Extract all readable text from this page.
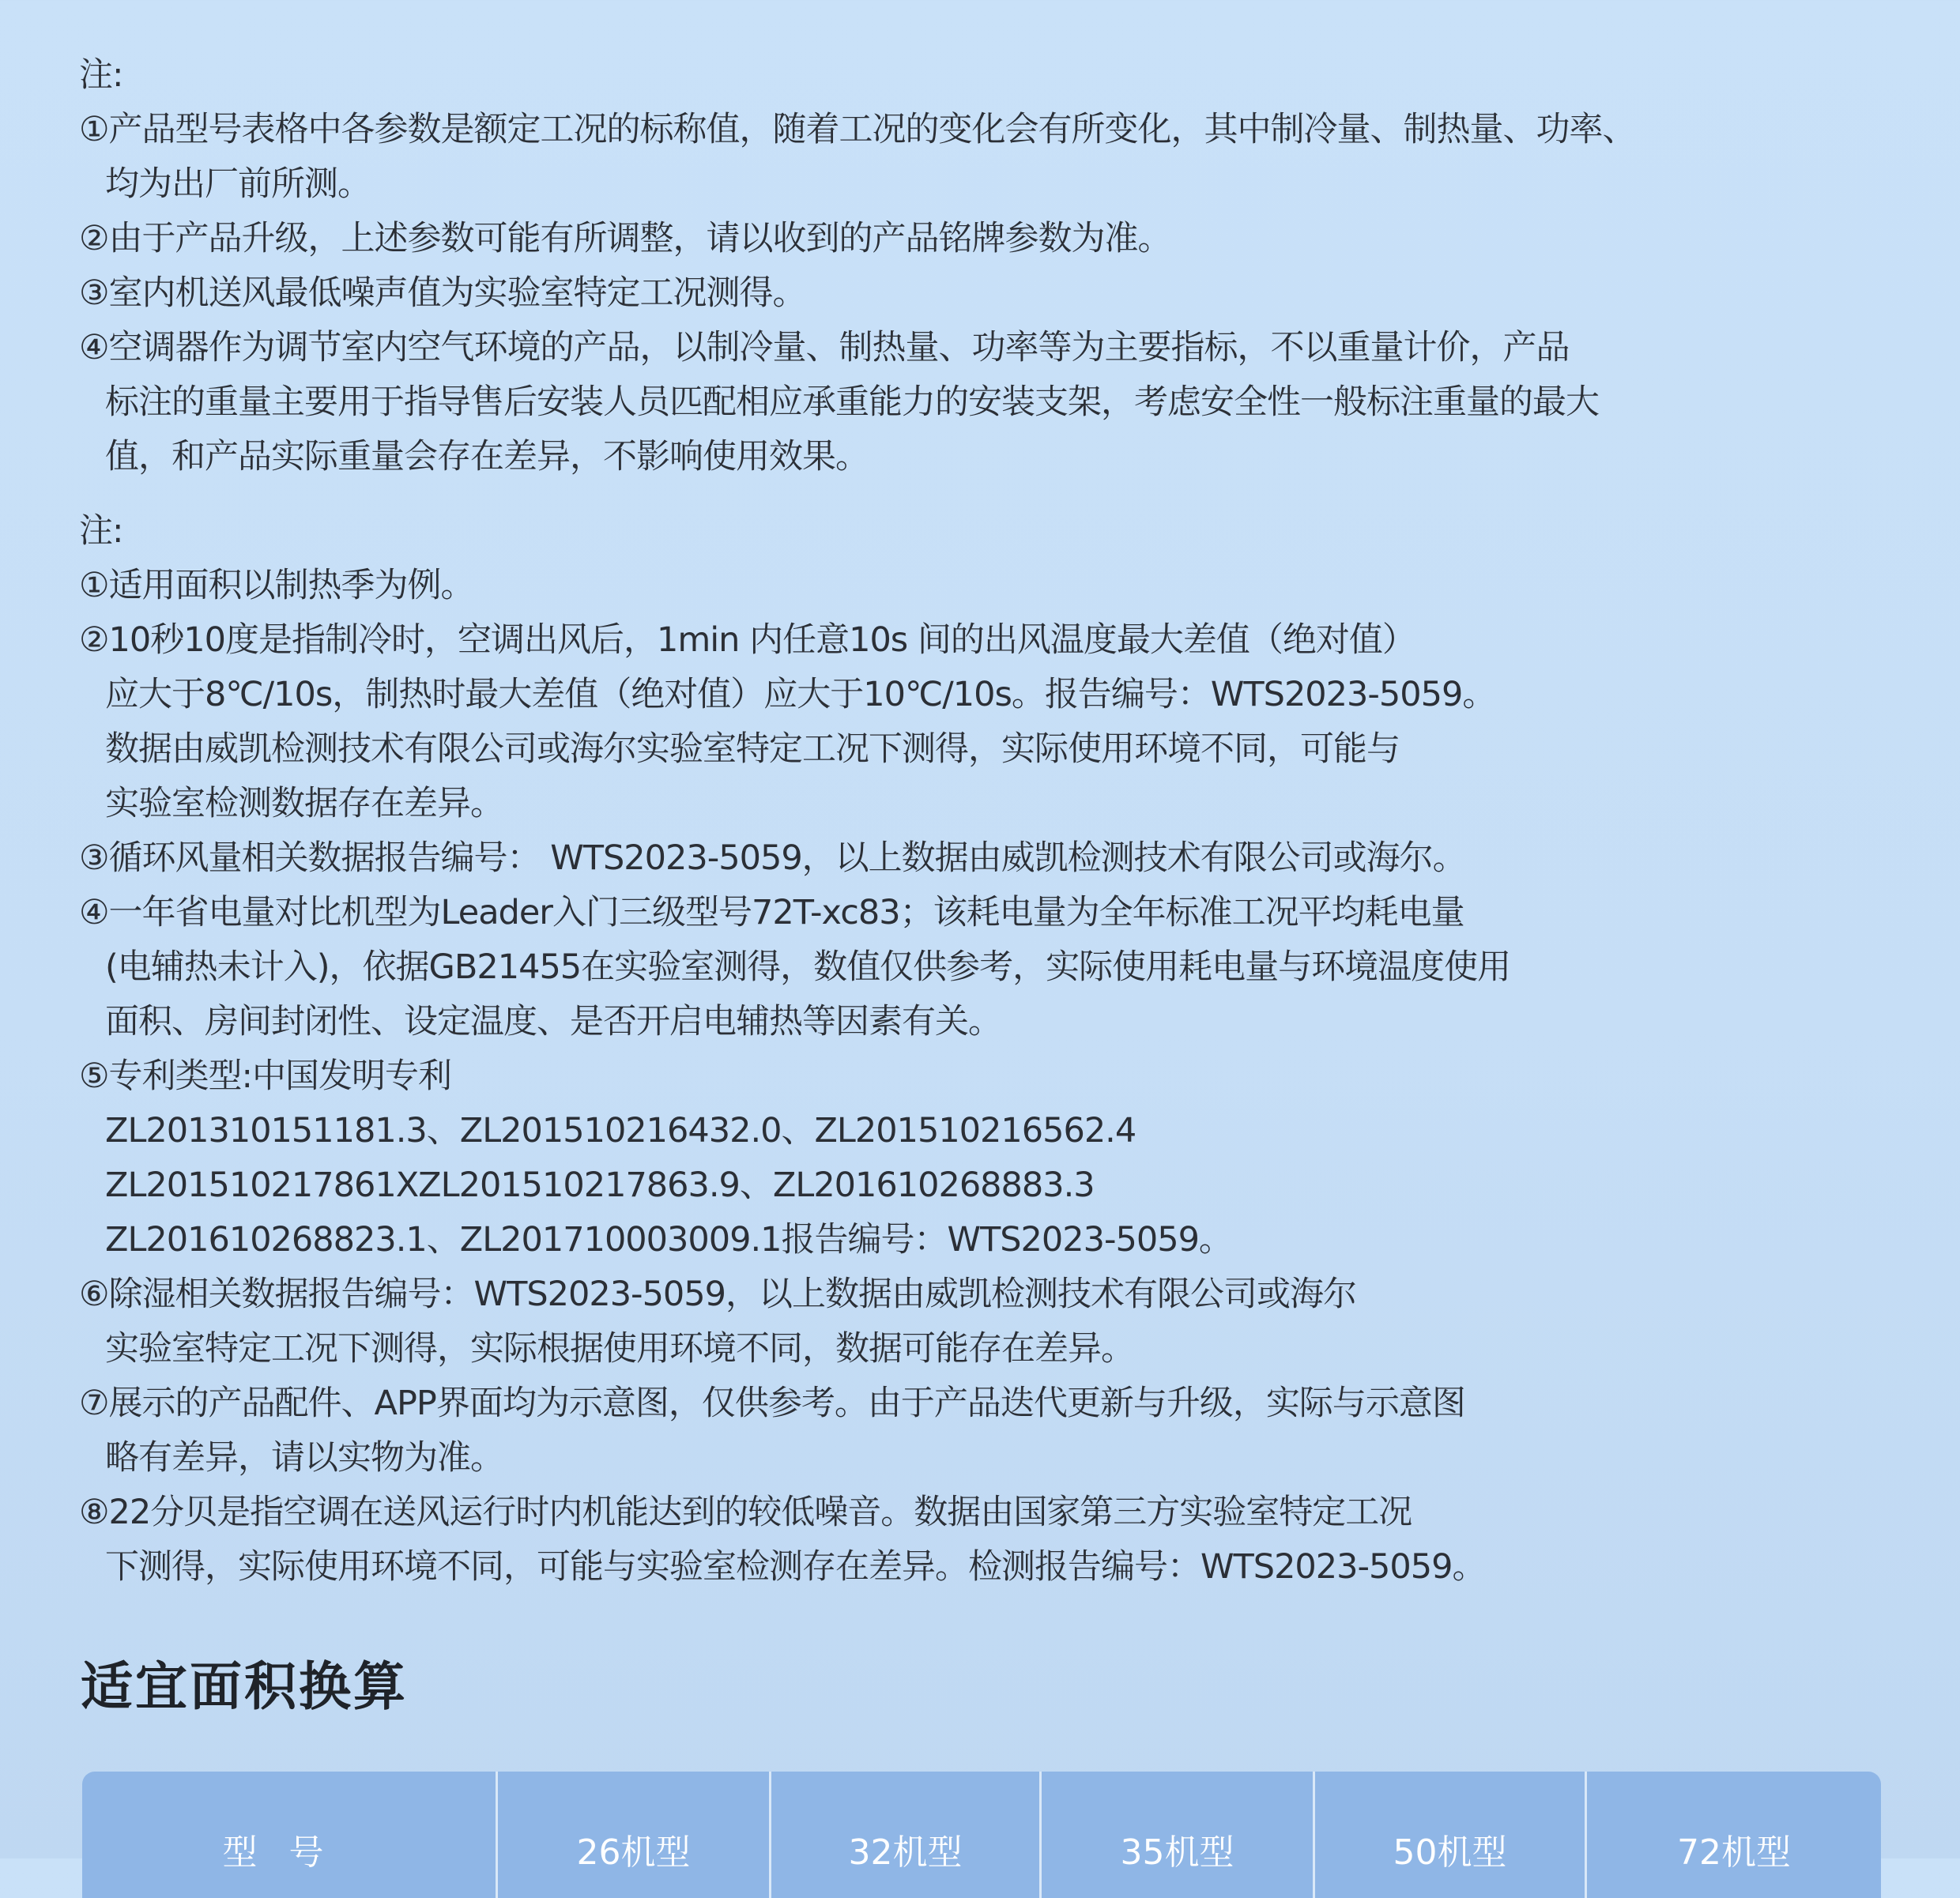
注:
①产品型号表格中各参数是额定工况的标称值，随着工况的变化会有所变化，其中制冷量、制热量、功率、
均为出厂前所测。
②由于产品升级，上述参数可能有所调整，请以收到的产品铭牌参数为准。
③室内机送风最低噪声值为实验室特定工况测得。
④空调器作为调节室内空气环境的产品，以制冷量、制热量、功率等为主要指标，不以重量计价，产品
标注的重量主要用于指导售后安装人员匹配相应承重能力的安装支架，考虑安全性一般标注重量的最大
值，和产品实际重量会存在差异，不影响使用效果。
注:
①适用面积以制热季为例。
②10秒10度是指制冷时，空调出风后，1min 内任意10s 间的出风温度最大差值（绝对值）
应大于8℃/10s，制热时最大差值（绝对值）应大于10℃/10s。报告编号：WTS2023-5059。
数据由威凯检测技术有限公司或海尔实验室特定工况下测得，实际使用环境不同，可能与
实验室检测数据存在差异。
③循环风量相关数据报告编号： WTS2023-5059，以上数据由威凯检测技术有限公司或海尔。
④一年省电量对比机型为Leader入门三级型号72T-xc83；该耗电量为全年标准工况平均耗电量
(电辅热未计入)，依据GB21455在实验室测得，数值仅供参考，实际使用耗电量与环境温度使用
面积、房间封闭性、设定温度、是否开启电辅热等因素有关。
⑤专利类型:中国发明专利
ZL201310151181.3、ZL201510216432.0、ZL201510216562.4
ZL201510217861XZL201510217863.9、ZL201610268883.3
ZL201610268823.1、ZL201710003009.1报告编号：WTS2023-5059。
⑥除湿相关数据报告编号：WTS2023-5059，以上数据由威凯检测技术有限公司或海尔
实验室特定工况下测得，实际根据使用环境不同，数据可能存在差异。
⑦展示的产品配件、APP界面均为示意图，仅供参考。由于产品迭代更新与升级，实际与示意图
略有差异，请以实物为准。
⑧22分贝是指空调在送风运行时内机能达到的较低噪音。数据由国家第三方实验室特定工况
下测得，实际使用环境不同，可能与实验室检测存在差异。检测报告编号：WTS2023-5059。
适宜面积换算
型号	26机型	32机型	35机型	50机型	72机型
